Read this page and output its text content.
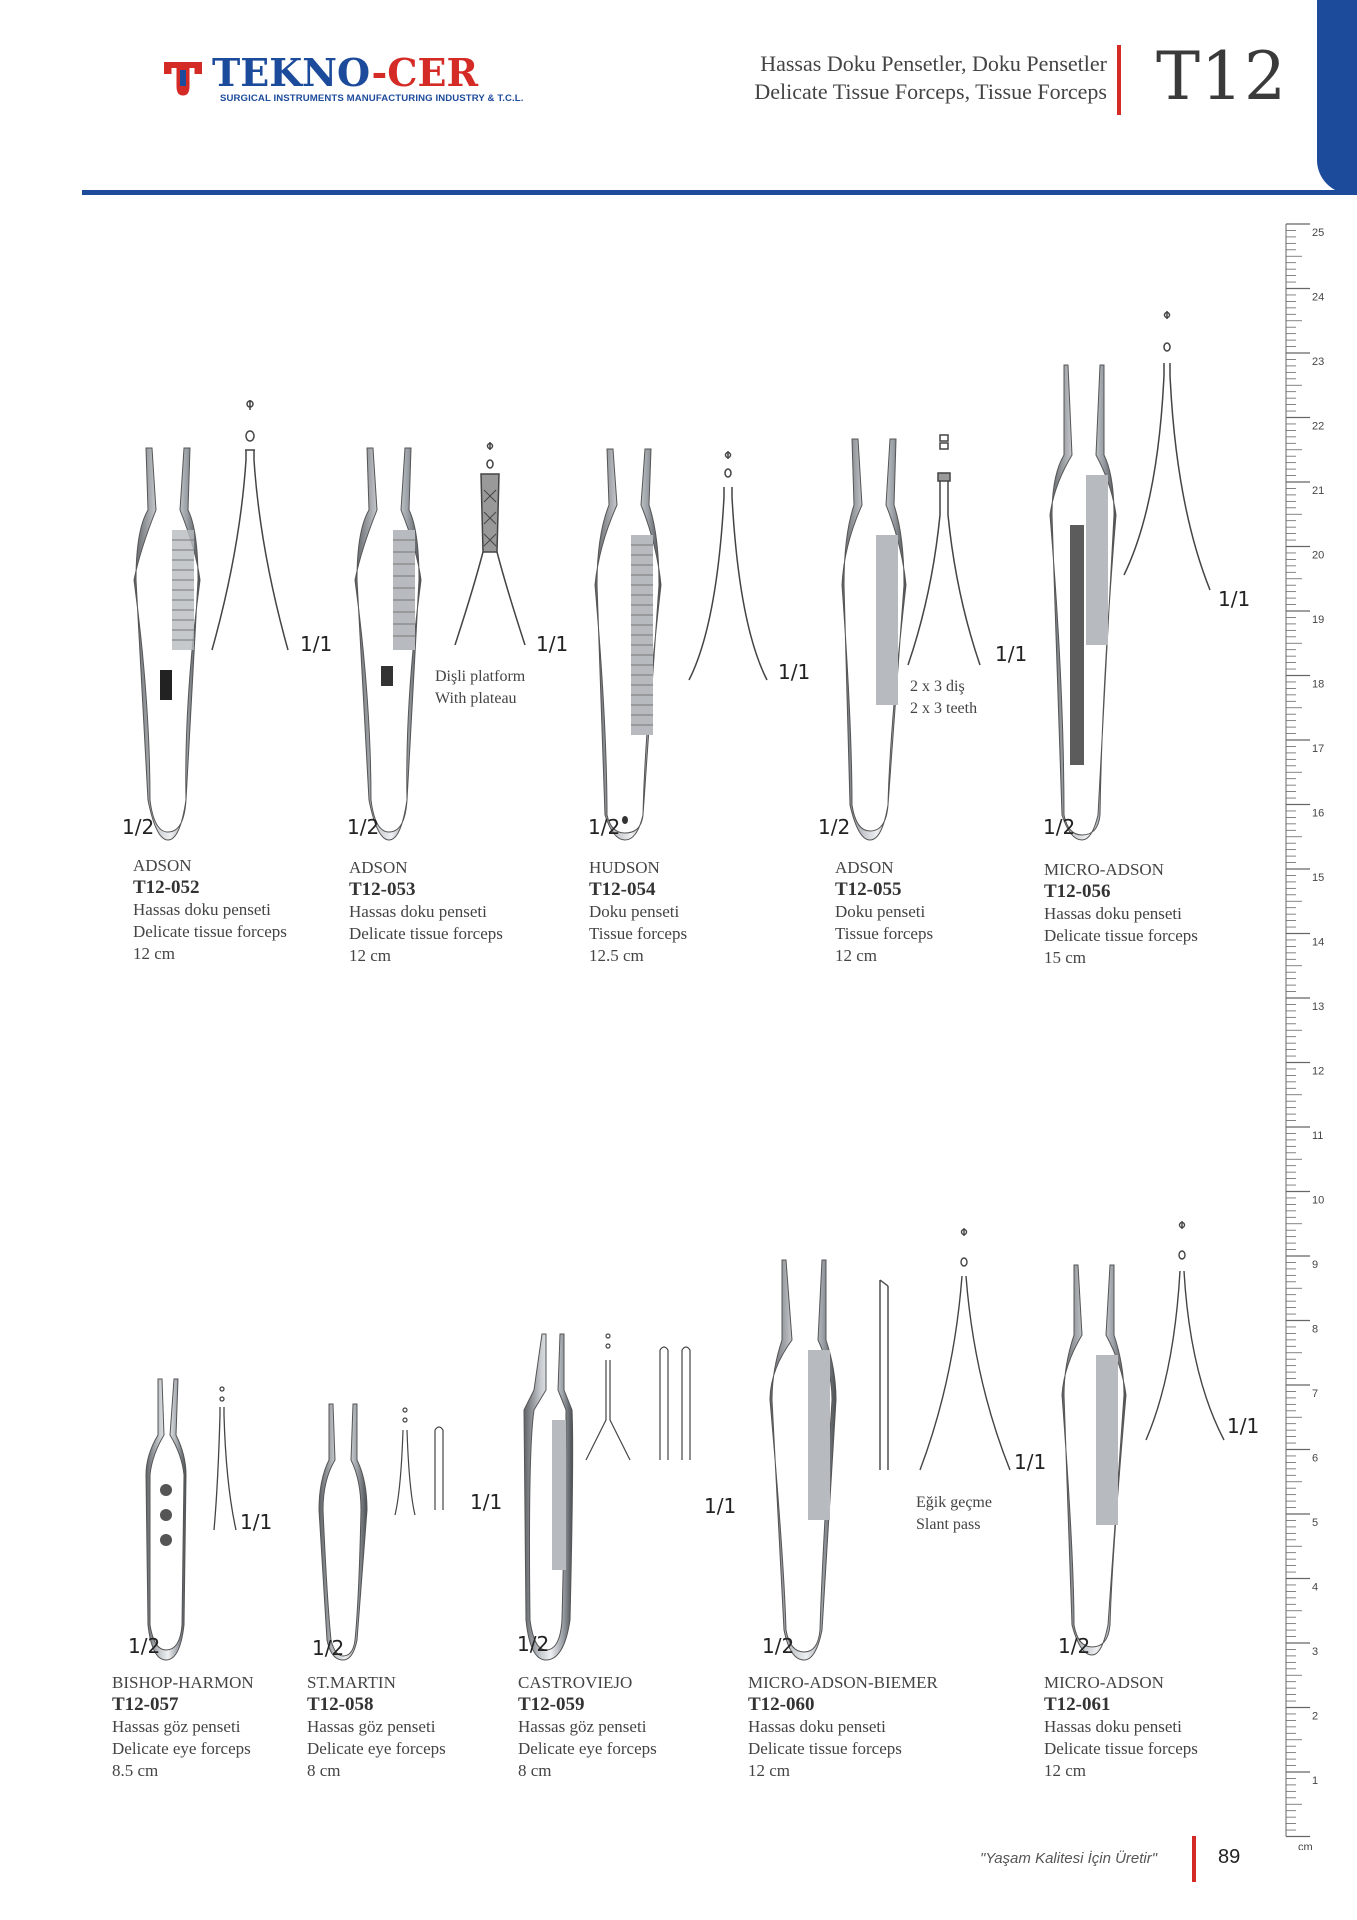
TEKNO-CER
SURGICAL INSTRUMENTS MANUFACTURING INDUSTRY & T.C.L.
Hassas Doku Pensetler, Doku Pensetler
Delicate Tissue Forceps, Tissue Forceps T12
25
24
23
22
21
20
19
18
17
16
15
14
13
12
11
10
9
8
7
6
5
4
3
2
1
cm
1/2
1/1
1/2
1/1
1/2
1/1
1/2
1/1
1/2
1/1
1/2
1/1
1/2
1/1
1/2
1/1
1/2
1/1
1/2
1/1
Dişli platform
With plateau
2 x 3 diş
2 x 3 teeth
Eğik geçme
Slant pass
ADSON
T12-052
Hassas doku penseti
Delicate tissue forceps
12 cm
ADSON
T12-053
Hassas doku penseti
Delicate tissue forceps
12 cm
HUDSON
T12-054
Doku penseti
Tissue forceps
12.5 cm
ADSON
T12-055
Doku penseti
Tissue forceps
12 cm
MICRO-ADSON
T12-056
Hassas doku penseti
Delicate tissue forceps
15 cm
BISHOP-HARMON
T12-057
Hassas göz penseti
Delicate eye forceps
8.5 cm
ST.MARTIN
T12-058
Hassas göz penseti
Delicate eye forceps
8 cm
CASTROVIEJO
T12-059
Hassas göz penseti
Delicate eye forceps
8 cm
MICRO-ADSON-BIEMER
T12-060
Hassas doku penseti
Delicate tissue forceps
12 cm
MICRO-ADSON
T12-061
Hassas doku penseti
Delicate tissue forceps
12 cm
"Yaşam Kalitesi İçin Üretir"	89
